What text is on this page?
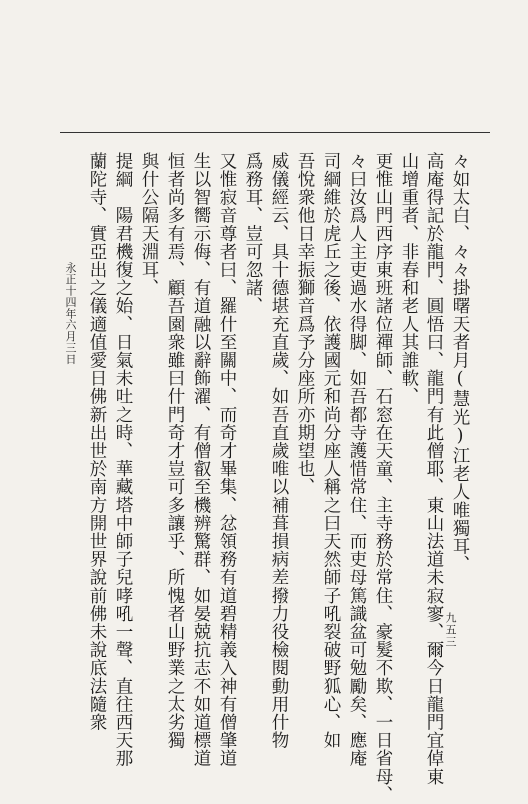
々如太白、々々掛曙天者月(慧光)江老人唯獨耳、
高庵得記於龍門、圓悟曰、龍門有此僧耶、東山法道未寂寥、爾今日龍門宜倬東
山增重者、非春和老人其誰軟、
更惟山門西序東班諸位禪師、石窓在天童、主寺務於常住、豪髮不欺、一日省母、
々曰汝爲人主吏過水得脚、如吾都寺護惜常住、而吏母篤識盆可勉勵矣、應庵
司綱維於虎丘之後、依護國元和尚分座人稱之曰天然師子吼裂破野狐心、如
吾悅衆他日幸振獅音爲予分座所亦期望也、
威儀經云、具十德堪充直歲、如吾直歲唯以補葺損病差撥力役檢閱動用什物
爲務耳、豈可忽諸、
又惟寂音尊者曰、羅什至關中、而奇才畢集、忿領務有道碧精義入神有僧肇道
生以智嚮示侮、有道融以辭飾濯、有僧叡至機辨驚群、如晏兢抗志不如道標道
恒者尚多有焉、顧吾園衆雖曰什門奇才豈可多讓乎、所愧者山野業之太劣獨
與什公隔天淵耳、
提綱　陽君機復之始、日氣未吐之時、華藏塔中師子兒哮吼一聲、直往西天那
蘭陀寺、實亞出之儀適值愛日佛新出世於南方開世界說前佛未說底法隨衆
永正十四年六月三日
九五三
